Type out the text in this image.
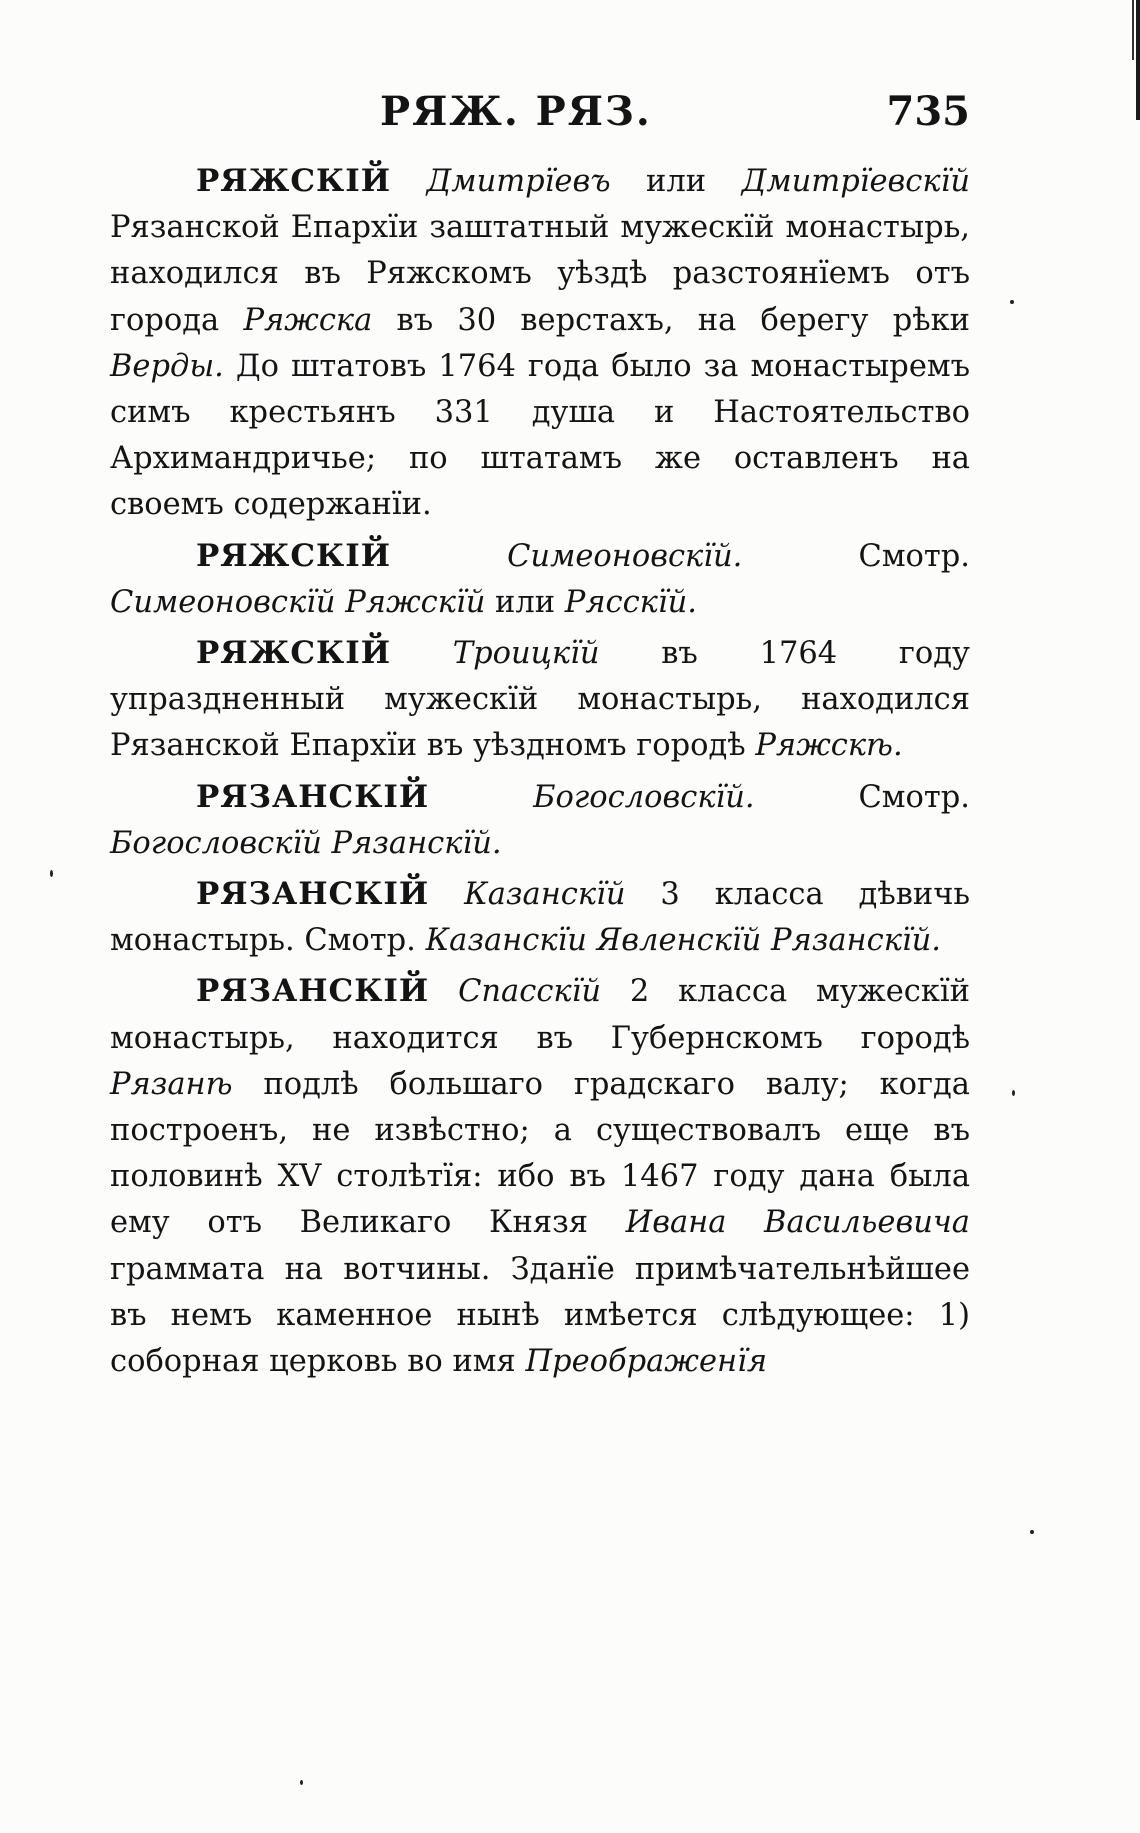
РЯЖ. РЯЗ.	735

РЯЖСКІЙ Дмитрїевъ или Дмитрїевскїй Рязанской Епархїи заштатный мужескїй монастырь, находился въ Ряжскомъ уѣздѣ разстоянїемъ отъ города Ряжска въ 30 верстахъ, на берегу рѣки Верды. До штатовъ 1764 года было за монастыремъ симъ крестьянъ 331 душа и Настоятельство Архимандричье; по штатамъ же оставленъ на своемъ содержанїи.

РЯЖСКІЙ	Симеоновскїй. Смотр. Симеоновскїй Ряжскїй или Рясскїй.

РЯЖСКІЙ Троицкїй въ 1764 году упраздненный мужескїй монастырь, находился Рязанской Епархїи въ уѣздномъ городѣ Ряжскѣ.

РЯЗАНСКІЙ	Богословскїй. Смотр. Богословскїй Рязанскїй.

РЯЗАНСКІЙ Казанскїй 3 класса дѣвичь монастырь. Смотр. Казанскїи Явленскїй Рязанскїй.

РЯЗАНСКІЙ Спасскїй 2 класса мужескїй монастырь, находится въ Губернскомъ городѣ Рязанѣ подлѣ большаго градскаго валу; когда построенъ, не извѣстно; а существовалъ еще въ половинѣ XV столѣтїя: ибо въ 1467 году дана была ему отъ Великаго Князя Ивана Васильевича граммата на вотчины. Зданїе примѣчательнѣйшее въ немъ каменное нынѣ имѣется слѣдующее: 1) соборная церковь во имя Преображенїя
